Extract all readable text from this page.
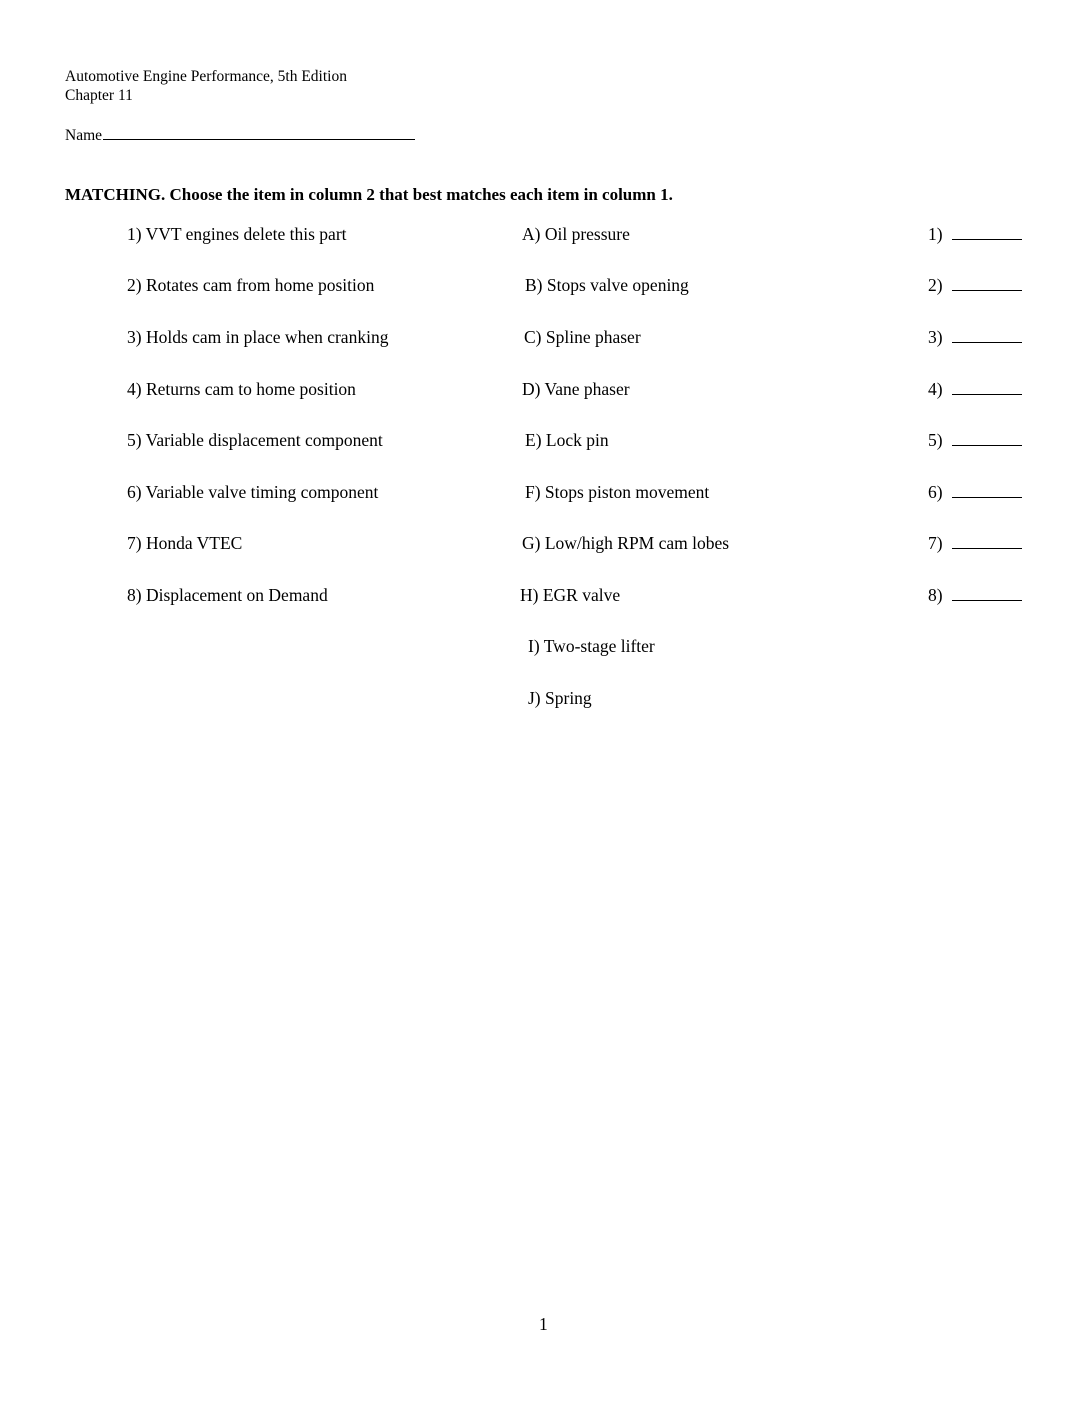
Automotive Engine Performance, 5th Edition
Chapter 11
Name
MATCHING. Choose the item in column 2 that best matches each item in column 1.
1) VVT engines delete this part
2) Rotates cam from home position
3) Holds cam in place when cranking
4) Returns cam to home position
5) Variable displacement component
6) Variable valve timing component
7) Honda VTEC
8) Displacement on Demand
A) Oil pressure
B) Stops valve opening
C) Spline phaser
D) Vane phaser
E) Lock pin
F) Stops piston movement
G) Low/high RPM cam lobes
H) EGR valve
I) Two-stage lifter
J) Spring
1)
2)
3)
4)
5)
6)
7)
8)
1
